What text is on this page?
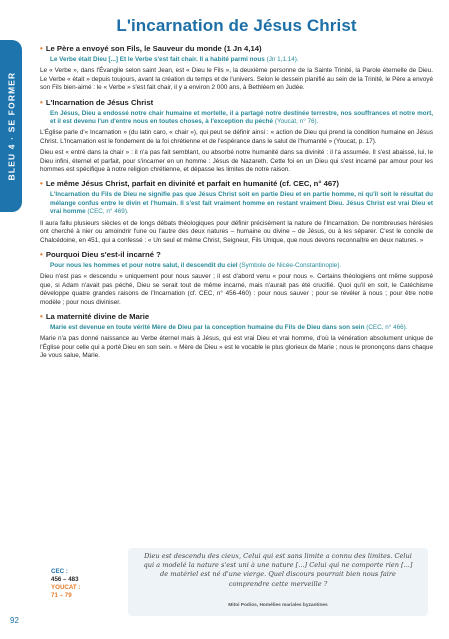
BLEU 4 · SE FORMER
L'incarnation de Jésus Christ
• Le Père a envoyé son Fils, le Sauveur du monde (1 Jn 4,14)

Le Verbe était Dieu [...] Et le Verbe s'est fait chair. Il a habité parmi nous (Jn 1,1.14).

Le « Verbe », dans l'Évangile selon saint Jean, est « Dieu le Fils », la deuxième personne de la Sainte Trinité, la Parole éternelle de Dieu. Le Verbe « était » depuis toujours, avant la création du temps et de l'univers. Selon le dessein planifié au sein de la Trinité, le Père a envoyé son Fils bien-aimé : le « Verbe » s'est fait chair, il y a environ 2 000 ans, à Bethléem en Judée.

• L'Incarnation de Jésus Christ

En Jésus, Dieu a endossé notre chair humaine et mortelle, il a partagé notre destinée terrestre, nos souffrances et notre mort, et il est devenu l'un d'entre nous en toutes choses, à l'exception du péché (Youcat, n° 76).

L'Église parle d'« Incarnation » (du latin caro, « chair »), qui peut se définir ainsi : « action de Dieu qui prend la condition humaine en Jésus Christ. L'Incarnation est le fondement de la foi chrétienne et de l'espérance dans le salut de l'humanité » (Youcat, p. 17).

Dieu est « entré dans la chair » : il n'a pas fait semblant, ou absorbé notre humanité dans sa divinité : il l'a assumée. Il s'est abaissé, lui, le Dieu infini, éternel et parfait, pour s'incarner en un homme : Jésus de Nazareth. Cette foi en un Dieu qui s'est incarné par amour pour les hommes est spécifique à notre religion chrétienne, et dépasse les limites de notre raison.

• Le même Jésus Christ, parfait en divinité et parfait en humanité (cf. CEC, n° 467)

L'Incarnation du Fils de Dieu ne signifie pas que Jésus Christ soit en partie Dieu et en partie homme, ni qu'il soit le résultat du mélange confus entre le divin et l'humain. Il s'est fait vraiment homme en restant vraiment Dieu. Jésus Christ est vrai Dieu et vrai homme (CEC, n° 469).

Il aura fallu plusieurs siècles et de longs débats théologiques pour définir précisément la nature de l'Incarnation. De nombreuses hérésies ont cherché à nier ou amoindrir l'une ou l'autre des deux natures – humaine ou divine – de Jésus, ou à les séparer. C'est le concile de Chalcédoine, en 451, qui a confessé : « Un seul et même Christ, Seigneur, Fils Unique, que nous devons reconnaître en deux natures. »

• Pourquoi Dieu s'est-il incarné ?

Pour nous les hommes et pour notre salut, il descendit du ciel (Symbole de Nicée-Constantinople).

Dieu n'est pas « descendu » uniquement pour nous sauver ; il est d'abord venu « pour nous ». Certains théologiens ont même supposé que, si Adam n'avait pas péché, Dieu se serait tout de même incarné, mais n'aurait pas été crucifié. Quoi qu'il en soit, le Catéchisme développe quatre grandes raisons de l'Incarnation (cf. CEC, n° 456-460) : pour nous sauver ; pour se révéler à nous ; pour être notre modèle ; pour nous diviniser.

• La maternité divine de Marie

Marie est devenue en toute vérité Mère de Dieu par la conception humaine du Fils de Dieu dans son sein (CEC, n° 466).

Marie n'a pas donné naissance au Verbe éternel mais à Jésus, qui est vrai Dieu et vrai homme, d'où la vénération absolument unique de l'Église pour celle qui a porté Dieu en son sein. « Mère de Dieu » est le vocable le plus glorieux de Marie ; nous le prononçons dans chaque Je vous salue, Marie.

CEC :
456 – 483
YOUCAT :
71 – 79
Dieu est descendu des cieux, Celui qui est sans limite a connu des limites. Celui qui a modelé la nature s'est uni à une nature [...] Celui qui ne comporte rien [...] de matériel est né d'une vierge. Quel discours pourrait bien nous faire comprendre cette merveille ?
Mitoi Podios, Homélies mariales byzantines
92
